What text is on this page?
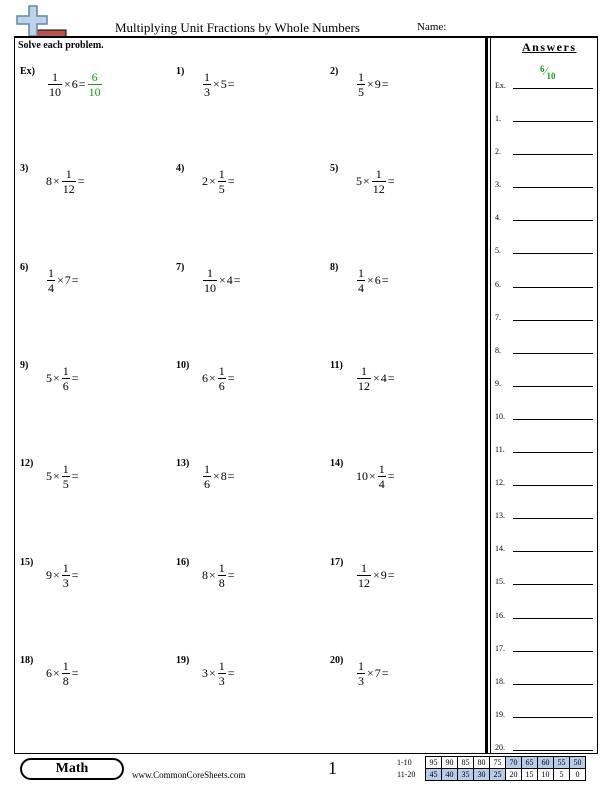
Multiplying Unit Fractions by Whole Numbers	Name:
Solve each problem.
$Ex) \frac{1}{10} \times 6 = \frac{6}{10}$	$1) \frac{1}{3} \times 5$ =
$2) \frac{1}{5} \times 9$ =
3)
$8 \times \frac{1}{12}$ =
4)
$2 \times \frac{1}{5}$ =
5)
$5 \times \frac{1}{12}$ =
$6) \frac{1}{4} \times 7$ =
$7) \frac{1}{10} \times 4$ =
$8) \frac{1}{4} \times 6$ =
9)
$5 \times \frac{1}{6}$ =
10)
$6 \times \frac{1}{6}$ =
$11) \frac{1}{12} \times 4$ =
12)
$5 \times \frac{1}{5}$ =
$13) \frac{1}{6} \times 8$ =
14)
$10 \times \frac{1}{4}$ =
15)
$9 \times \frac{1}{3}$ =
16)
$8 \times \frac{1}{8}$ =
$17) \frac{1}{12} \times 9$ =
18)
$6 \times \frac{1}{8}$ =
19)
$3 \times \frac{1}{3}$ =
$20) \frac{1}{3} \times 7$ =
Answers
6⁄10
Ex.
1.
2.
3.
4.
5.
6.
7.
8.
9.
10.
11.
12.
13.
14.
15.
16.
17.
18.
19.
20.
Math	www.CommonCoreSheets.com	1	1-10	95	90	85	80	75	70	65	60	55	50
11-20	45	40	35	30	25	20	15	10	5	0
